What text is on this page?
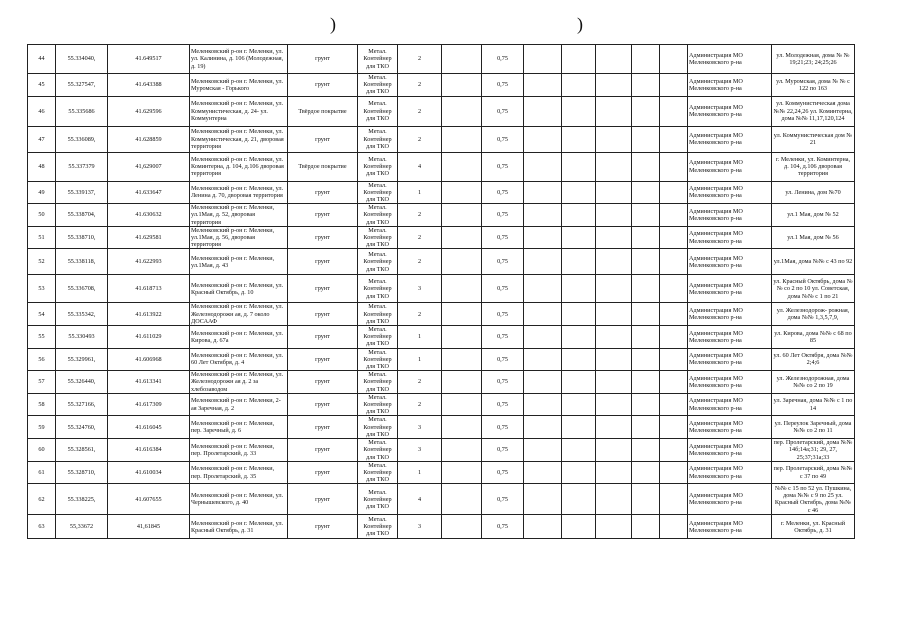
)	)
44	55.334040,	41.649517	Меленковский р-он г. Меленки, ул. ул. Калинина, д. 106 (Молодежная, д. 19)	грунт	Метал. Контейнер для ТКО	2		0,75						Администрация МО Меленковского р-на	ул. Молодежная, дома № № 19;21;23; 24;25;26
45	55.327547,	41.643388	Меленковский р-он г. Меленки, ул. Муромская - Горького	грунт	Метал. Контейнер для ТКО	2		0,75						Администрация МО Меленковского р-на	ул. Муромская, дома № № с 122 по 163
46	55.335686	41.629596	Меленковский р-он г. Меленки, ул. Коммунистическая, д. 24- ул. Коммунтерна	Твёрдое покрытие	Метал. Контейнер для ТКО	2		0,75						Администрация МО Меленковского р-на	ул. Коммунистическая дома №№ 22,24,26 ул. Коминтерна, дома №№ 11,17,120,124
47	55.336089,	41.628859	Меленковский р-он г. Меленки, ул. Коммунистическая, д. 21, дворовая территория	грунт	Метал. Контейнер для ТКО	2		0,75						Администрация МО Меленковского р-на	ул. Коммунистическая дом № 21
48	55.337379	41,629007	Меленковский р-он г. Меленки, ул. Коминтерна, д. 104, д.106 дворовая территория	Твёрдое покрытие	Метал. Контейнер для ТКО	4		0,75						Администрация МО Меленковского р-на	г. Меленки, ул. Коминтерна, д. 104, д.106 дворовая территория
49	55.339137,	41.633647	Меленковский р-он г. Меленки, ул. Ленина д. 70, дворовая территория	грунт	Метал. Контейнер для ТКО	1		0,75						Администрация МО Меленковского р-на	ул. Ленина, дом №70
50	55.338704,	41.630632	Меленковский р-он г. Меленки, ул.1Мая, д. 52, дворовая территория	грунт	Метал. Контейнер для ТКО	2		0,75						Администрация МО Меленковского р-на	ул.1 Мая, дом № 52
51	55.338710,	41.629581	Меленковский р-он г. Меленки, ул.1Мая, д. 56, дворовая территория	грунт	Метал. Контейнер для ТКО	2		0,75						Администрация МО Меленковского р-на	ул.1 Мая, дом № 56
52	55.338118,	41.622993	Меленковский р-он г. Меленки, ул.1Мая, д. 43	грунт	Метал. Контейнер для ТКО	2		0,75						Администрация МО Меленковского р-на	ул.1Мая, дома №№ с 43 по 92
53	55.336708,	41.618713	Меленковский р-он г. Меленки, ул. Красный Октябрь, д. 10	грунт	Метал. Контейнер для ТКО	3		0,75						Администрация МО Меленковского р-на	ул. Красный Октябрь, дома №№ со 2 по 10 ул. Советская, дома №№ с 1 по 21
54	55.335342,	41.613922	Меленковский р-он г. Меленки, ул. Железнодорожн ая, д. 7 около ДОСААФ	грунт	Метал. Контейнер для ТКО	2		0,75						Администрация МО Меленковского р-на	ул. Железнодорож- рожная, дома №№ 1,3,5,7,9,
55	55.330493	41.611029	Меленковский р-он г. Меленки, ул. Кирова, д. 67а	грунт	Метал. Контейнер для ТКО	1		0,75						Администрация МО Меленковского р-на	ул. Кирова, дома №№ с 68 по 85
56	55.329961,	41.606968	Меленковский р-он г. Меленки, ул. 60 Лет Октября, д. 4	грунт	Метал. Контейнер для ТКО	1		0,75						Администрация МО Меленковского р-на	ул. 60 Лет Октября, дома №№ 2;4;6
57	55.326440,	41.613341	Меленковский р-он г. Меленки, ул. Железнодорожн ая д. 2 за хлебозаводом	грунт	Метал. Контейнер для ТКО	2		0,75						Администрация МО Меленковского р-на	ул. Железнодорожная, дома №№ со 2 по 19
58	55.327166,	41.617309	Меленковский р-он г. Меленки, 2-ая Заречная, д. 2	грунт	Метал. Контейнер для ТКО	2		0,75						Администрация МО Меленковского р-на	ул. Заречная, дома №№ с 1 по 14
59	55.324760,	41.616045	Меленковский р-он г. Меленки, пер. Заречный, д. 6	грунт	Метал. Контейнер для ТКО	3		0,75						Администрация МО Меленковского р-на	ул. Переулок Заречный, дома №№ со 2 по 11
60	55.328561,	41.616384	Меленковский р-он г. Меленки, пер. Пролетарский, д. 33	грунт	Метал. Контейнер для ТКО	3		0,75						Администрация МО Меленковского р-на	пер. Пролетарский, дома №№ 14б;14а;31; 29, 27, 25;37;31а;33
61	55.328710,	41.610034	Меленковский р-он г. Меленки, пер. Пролетарский, д. 35	грунт	Метал. Контейнер для ТКО	1		0,75						Администрация МО Меленковского р-на	пер. Пролетарский, дома №№ с 37 по 49
62	55.338225,	41.607655	Меленковский р-он г. Меленки, ул. Чернышевского, д. 40	грунт	Метал. Контейнер для ТКО	4		0,75						Администрация МО Меленковского р-на	№№ с 15 по 52 ул. Пушкина, дома №№ с 9 по 25 ул. Красный Октябрь, дома №№ с 46
63	55,33672	41,61845	Меленковский р-он г. Меленки, ул. Красный Октябрь, д. 31	грунт	Метал. Контейнер для ТКО	3		0,75						Администрация МО Меленковского р-на	г. Меленки, ул. Красный Октябрь, д. 31
